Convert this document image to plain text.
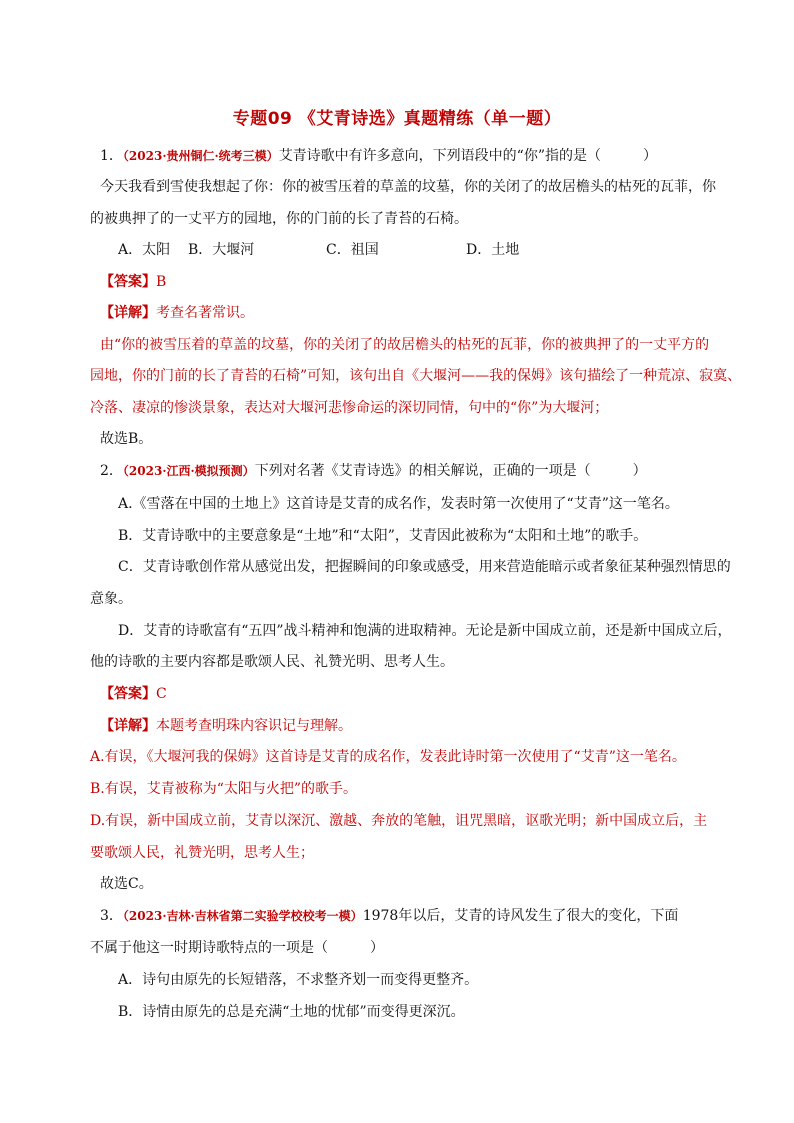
专题09 《艾青诗选》真题精练（单一题）
1．（2023·贵州铜仁·统考三模）艾青诗歌中有许多意向，下列语段中的“你”指的是（　　　）
今天我看到雪使我想起了你：你的被雪压着的草盖的坟墓，你的关闭了的故居檐头的枯死的瓦菲，你
的被典押了的一丈平方的园地，你的门前的长了青苔的石椅。
A．太阳 B．大堰河	C．祖国	D．土地
【答案】B
【详解】考查名著常识。
由“你的被雪压着的草盖的坟墓，你的关闭了的故居檐头的枯死的瓦菲，你的被典押了的一丈平方的
园地，你的门前的长了青苔的石椅”可知，该句出自《大堰河——我的保姆》该句描绘了一种荒凉、寂寞、
冷落、凄凉的惨淡景象，表达对大堰河悲惨命运的深切同情，句中的“你”为大堰河；
故选B。
2．（2023·江西·模拟预测）下列对名著《艾青诗选》的相关解说，正确的一项是（　　　）
A.《雪落在中国的土地上》这首诗是艾青的成名作，发表时第一次使用了“艾青”这一笔名。
B．艾青诗歌中的主要意象是“土地”和“太阳”，艾青因此被称为“太阳和土地”的歌手。
C．艾青诗歌创作常从感觉出发，把握瞬间的印象或感受，用来营造能暗示或者象征某种强烈情思的
意象。
D．艾青的诗歌富有“五四”战斗精神和饱满的进取精神。无论是新中国成立前，还是新中国成立后，
他的诗歌的主要内容都是歌颂人民、礼赞光明、思考人生。
【答案】C
【详解】本题考查明珠内容识记与理解。
A.有误，《大堰河我的保姆》这首诗是艾青的成名作，发表此诗时第一次使用了“艾青”这一笔名。
B.有误，艾青被称为“太阳与火把”的歌手。
D.有误，新中国成立前，艾青以深沉、激越、奔放的笔触，诅咒黑暗，讴歌光明；新中国成立后，主
要歌颂人民，礼赞光明，思考人生；
故选C。
3．（2023·吉林·吉林省第二实验学校校考一模）1978年以后，艾青的诗风发生了很大的变化，下面
不属于他这一时期诗歌特点的一项是（　　　）
A．诗句由原先的长短错落，不求整齐划一而变得更整齐。
B．诗情由原先的总是充满“土地的忧郁”而变得更深沉。
